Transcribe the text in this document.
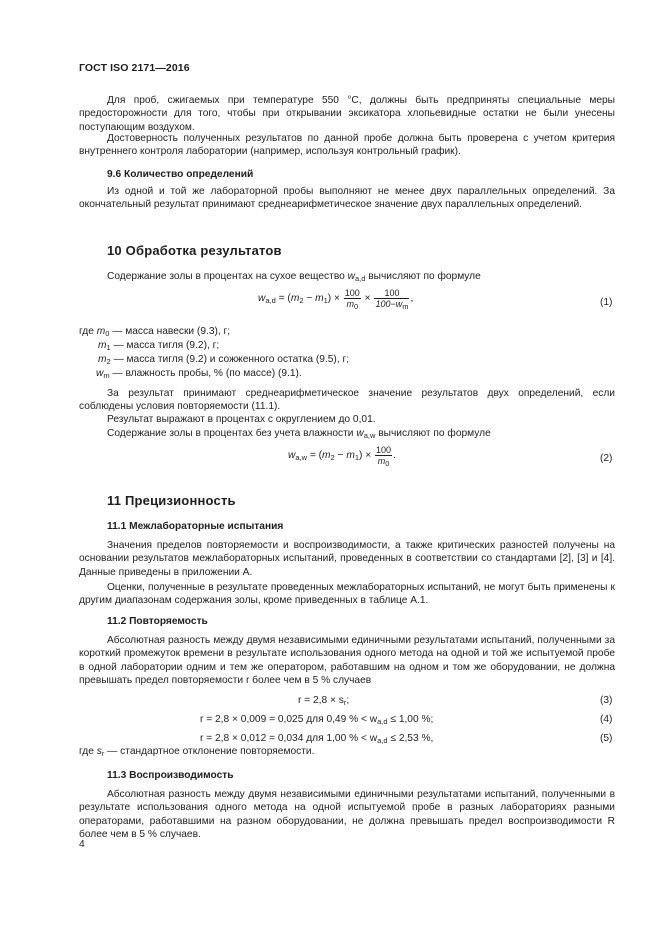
ГОСТ ISO 2171—2016
Для проб, сжигаемых при температуре 550 °С, должны быть предприняты специальные меры предосторожности для того, чтобы при открывании эксикатора хлопьевидные остатки не были унесены поступающим воздухом.
Достоверность полученных результатов по данной пробе должна быть проверена с учетом критерия внутреннего контроля лаборатории (например, используя контрольный график).
9.6 Количество определений
Из одной и той же лабораторной пробы выполняют не менее двух параллельных определений. За окончательный результат принимают среднеарифметическое значение двух параллельных определений.
10 Обработка результатов
Содержание золы в процентах на сухое вещество $w_{a,d}$ вычисляют по формуле
$w_{a,d} = (m_2 - m_1) \times \frac{100}{m_0} \times \frac{100}{100-w_m}$ ,	(1)
где $m_0$ — масса навески (9.3), г;
$m_1$ — масса тигля (9.2), г;
$m_2$ — масса тигля (9.2) и сожженного остатка (9.5), г;
$w_m$ — влажность пробы, % (по массе) (9.1).
За результат принимают среднеарифметическое значение результатов двух определений, если соблюдены условия повторяемости (11.1).
Результат выражают в процентах с округлением до 0,01.
Содержание золы в процентах без учета влажности $w_{a,w}$ вычисляют по формуле
$w_{a,w} = (m_2 - m_1) \times \frac{100}{m_0}$ .	(2)
11 Прецизионность
11.1 Межлабораторные испытания
Значения пределов повторяемости и воспроизводимости, а также критических разностей получены на основании результатов межлабораторных испытаний, проведенных в соответствии со стандартами [2], [3] и [4]. Данные приведены в приложении А.
Оценки, полученные в результате проведенных межлабораторных испытаний, не могут быть применены к другим диапазонам содержания золы, кроме приведенных в таблице А.1.
11.2 Повторяемость
Абсолютная разность между двумя независимыми единичными результатами испытаний, полученными за короткий промежуток времени в результате использования одного метода на одной и той же испытуемой пробе в одной лаборатории одним и тем же оператором, работавшим на одном и том же оборудовании, не должна превышать предел повторяемости r более чем в 5 % случаев
$r = 2,8 \times s_r$;	(3)
r = 2,8 × 0,009 = 0,025 для 0,49 % < $w_{a,d} \le 1,00$ %;	(4)
r = 2,8 × 0,012 = 0,034 для 1,00 % < $w_{a,d} \le 2,53$ %,	(5)
где $s_r$ — стандартное отклонение повторяемости.
11.3 Воспроизводимость
Абсолютная разность между двумя независимыми единичными результатами испытаний, полученными в результате использования одного метода на одной испытуемой пробе в разных лабораториях разными операторами, работавшими на разном оборудовании, не должна превышать предел воспроизводимости R более чем в 5 % случаев.
4
